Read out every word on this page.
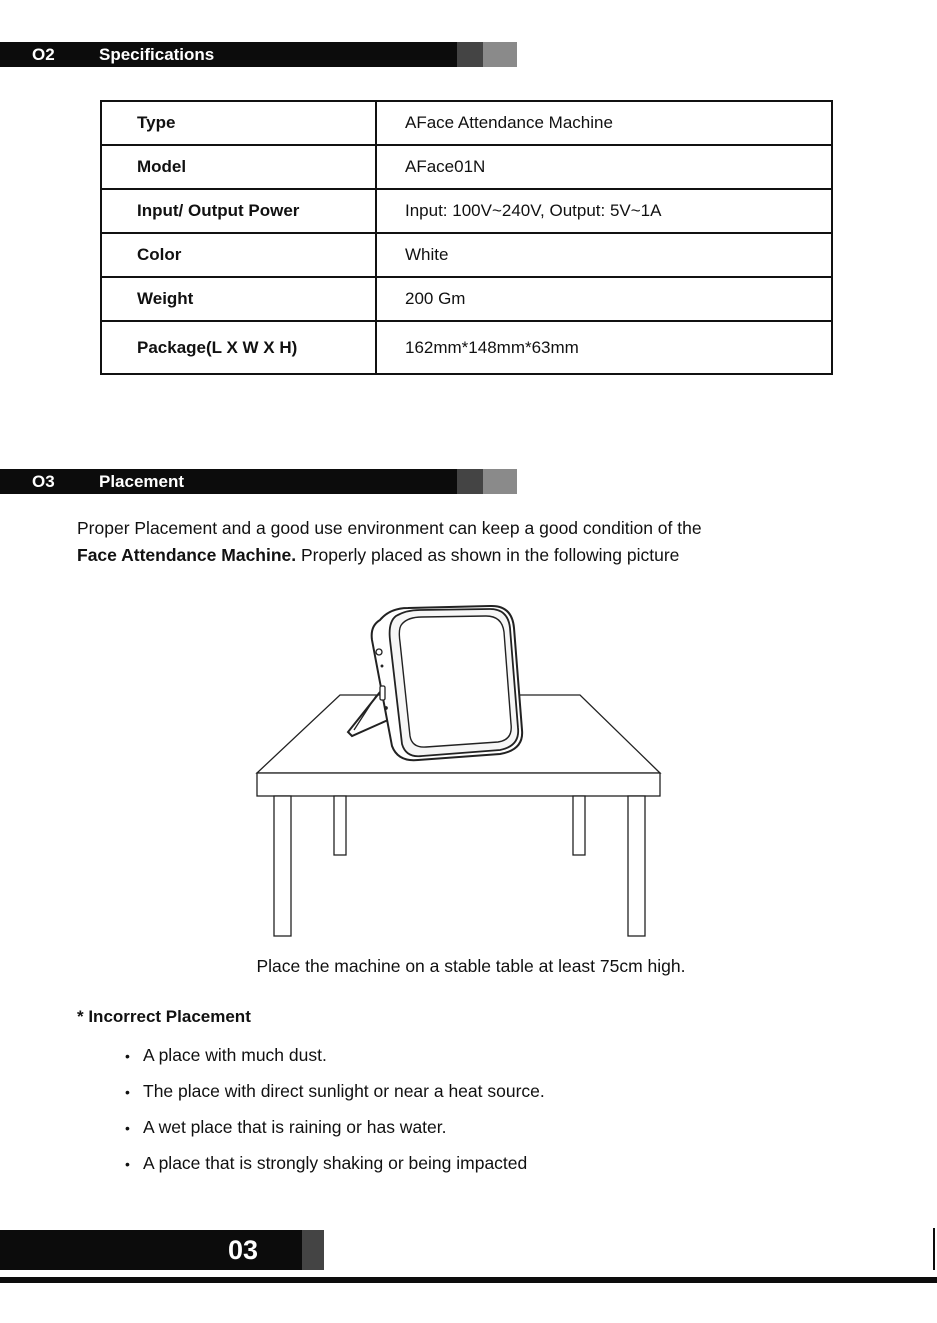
O2	Specifications
Type	AFace Attendance Machine
Model	AFace01N
Input/ Output Power	Input: 100V~240V, Output: 5V~1A
Color	White
Weight	200 Gm
Package(L X W X H)	162mm*148mm*63mm
O3	Placement
Proper Placement and a good use environment can keep a good condition of the
Face Attendance Machine. Properly placed as shown in the following picture
Place the machine on a stable table at least 75cm high.
* Incorrect Placement
• A place with much dust.
• The place with direct sunlight or near a heat source.
• A wet place that is raining or has water.
• A place that is strongly shaking or being impacted
03
